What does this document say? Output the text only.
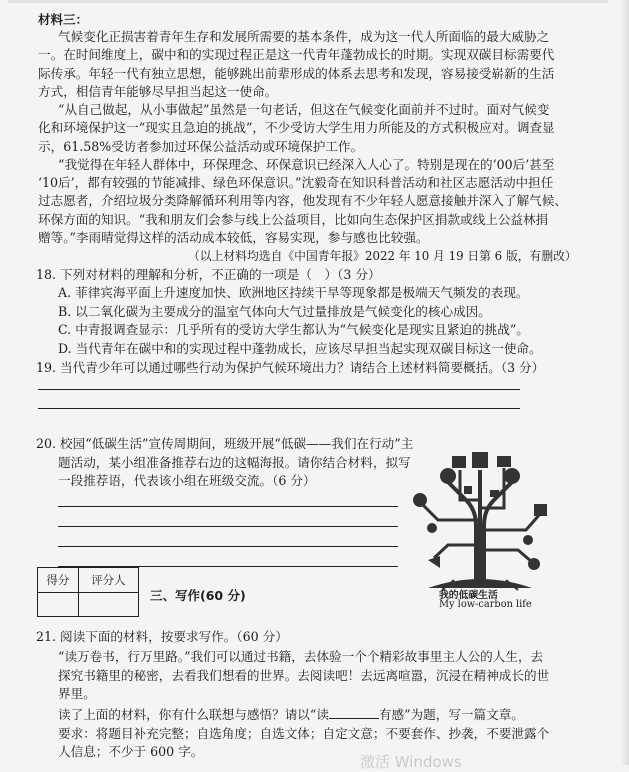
材料三：
气候变化正损害着青年生存和发展所需要的基本条件，成为这一代人所面临的最大威胁之
一。在时间维度上，碳中和的实现过程正是这一代青年蓬勃成长的时期。实现双碳目标需要代
际传承。年轻一代有独立思想，能够跳出前辈形成的体系去思考和发现，容易接受崭新的生活
方式，相信青年能够尽早担当起这一使命。
“从自己做起，从小事做起”虽然是一句老话，但这在气候变化面前并不过时。面对气候变
化和环境保护这一“现实且急迫的挑战”，不少受访大学生用力所能及的方式积极应对。调查显
示，61.58%受访者参加过环保公益活动或环境保护工作。
“我觉得在年轻人群体中，环保理念、环保意识已经深入人心了。特别是现在的‘00后’甚至
‘10后’，都有较强的节能减排、绿色环保意识。”沈毅奇在知识科普活动和社区志愿活动中担任
过志愿者，介绍垃圾分类降解循环利用等内容，他发现有不少年轻人愿意接触并深入了解气候、
环保方面的知识。“我和朋友们会参与线上公益项目，比如向生态保护区捐款或线上公益林捐
赠等。”李雨晴觉得这样的活动成本较低，容易实现，参与感也比较强。
（以上材料均选自《中国青年报》2022 年 10 月 19 日第 6 版，有删改）
18. 下列对材料的理解和分析，不正确的一项是（　）（3 分）
A. 菲律宾海平面上升速度加快、欧洲地区持续干旱等现象都是极端天气频发的表现。
B. 以二氧化碳为主要成分的温室气体向大气过量排放是气候变化的核心成因。
C. 中青报调查显示：几乎所有的受访大学生都认为“气候变化是现实且紧迫的挑战”。
D. 当代青年在碳中和的实现过程中蓬勃成长，应该尽早担当起实现双碳目标这一使命。
19. 当代青少年可以通过哪些行动为保护气候环境出力？请结合上述材料简要概括。（3 分）
20. 校园“低碳生活”宣传周期间，班级开展“低碳——我们在行动”主
题活动，某小组准备推荐右边的这幅海报。请你结合材料，拟写
一段推荐语，代表该小组在班级交流。（6 分）
我的低碳生活
My low-carbon life
得分	评分人

三、写作(60 分)
21. 阅读下面的材料，按要求写作。（60 分）
“读万卷书，行万里路。”我们可以通过书籍，去体验一个个精彩故事里主人公的人生，去
探究书籍里的秘密，去看我们想看的世界。去阅读吧！去远离喧嚣，沉浸在精神成长的世
界里。
读了上面的材料，你有什么联想与感悟？请以“读	有感”为题，写一篇文章。
要求：将题目补充完整；自选角度；自选文体；自定文意；不要套作、抄袭，不要泄露个
人信息；不少于 600 字。
激活 Windows
